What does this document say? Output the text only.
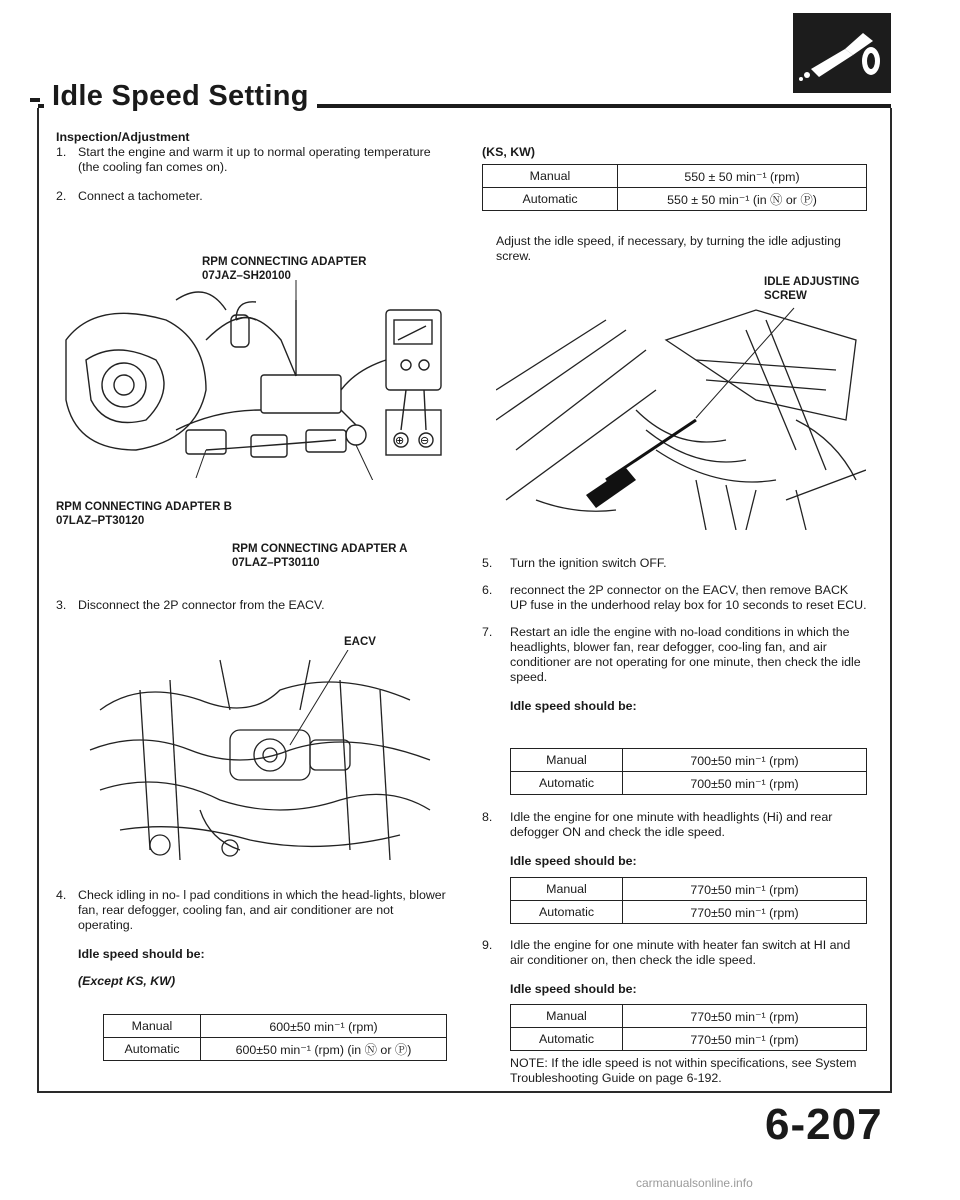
Idle Speed Setting
Inspection/Adjustment
1. Start the engine and warm it up to normal operating temperature (the cooling fan comes on).
2. Connect a tachometer.
RPM CONNECTING ADAPTER
07JAZ–SH20100
⊕ ⊖
RPM CONNECTING ADAPTER B
07LAZ–PT30120
RPM CONNECTING ADAPTER A
07LAZ–PT30110
3. Disconnect the 2P connector from the EACV.
EACV
4. Check idling in no- l pad conditions in which the head-lights, blower fan, rear defogger, cooling fan, and air conditioner are not operating.
Idle speed should be:
(Except KS, KW)
Manual	600±50 min⁻¹ (rpm)
Automatic	600±50 min⁻¹ (rpm) (in Ⓝ or Ⓟ)
(KS, KW)
Manual	550 ± 50 min⁻¹ (rpm)
Automatic	550 ± 50 min⁻¹ (in Ⓝ or Ⓟ)
Adjust the idle speed, if necessary, by turning the idle adjusting screw.
IDLE ADJUSTING
SCREW
5.	Turn the ignition switch OFF.
6.	reconnect the 2P connector on the EACV, then remove BACK UP fuse in the underhood relay box for 10 seconds to reset ECU.
7.	Restart an idle the engine with no-load conditions in which the headlights, blower fan, rear defogger, coo-ling fan, and air conditioner are not operating for one minute, then check the idle speed.
Idle speed should be:
Manual	700±50 min⁻¹ (rpm)
Automatic	700±50 min⁻¹ (rpm)
8.	Idle the engine for one minute with headlights (Hi) and rear defogger ON and check the idle speed.
Idle speed should be:
Manual	770±50 min⁻¹ (rpm)
Automatic	770±50 min⁻¹ (rpm)
9.	Idle the engine for one minute with heater fan switch at HI and air conditioner on, then check the idle speed.
Idle speed should be:
Manual	770±50 min⁻¹ (rpm)
Automatic	770±50 min⁻¹ (rpm)
NOTE: If the idle speed is not within specifications, see System Troubleshooting Guide on page 6-192.
6-207
carmanualsonline.info
